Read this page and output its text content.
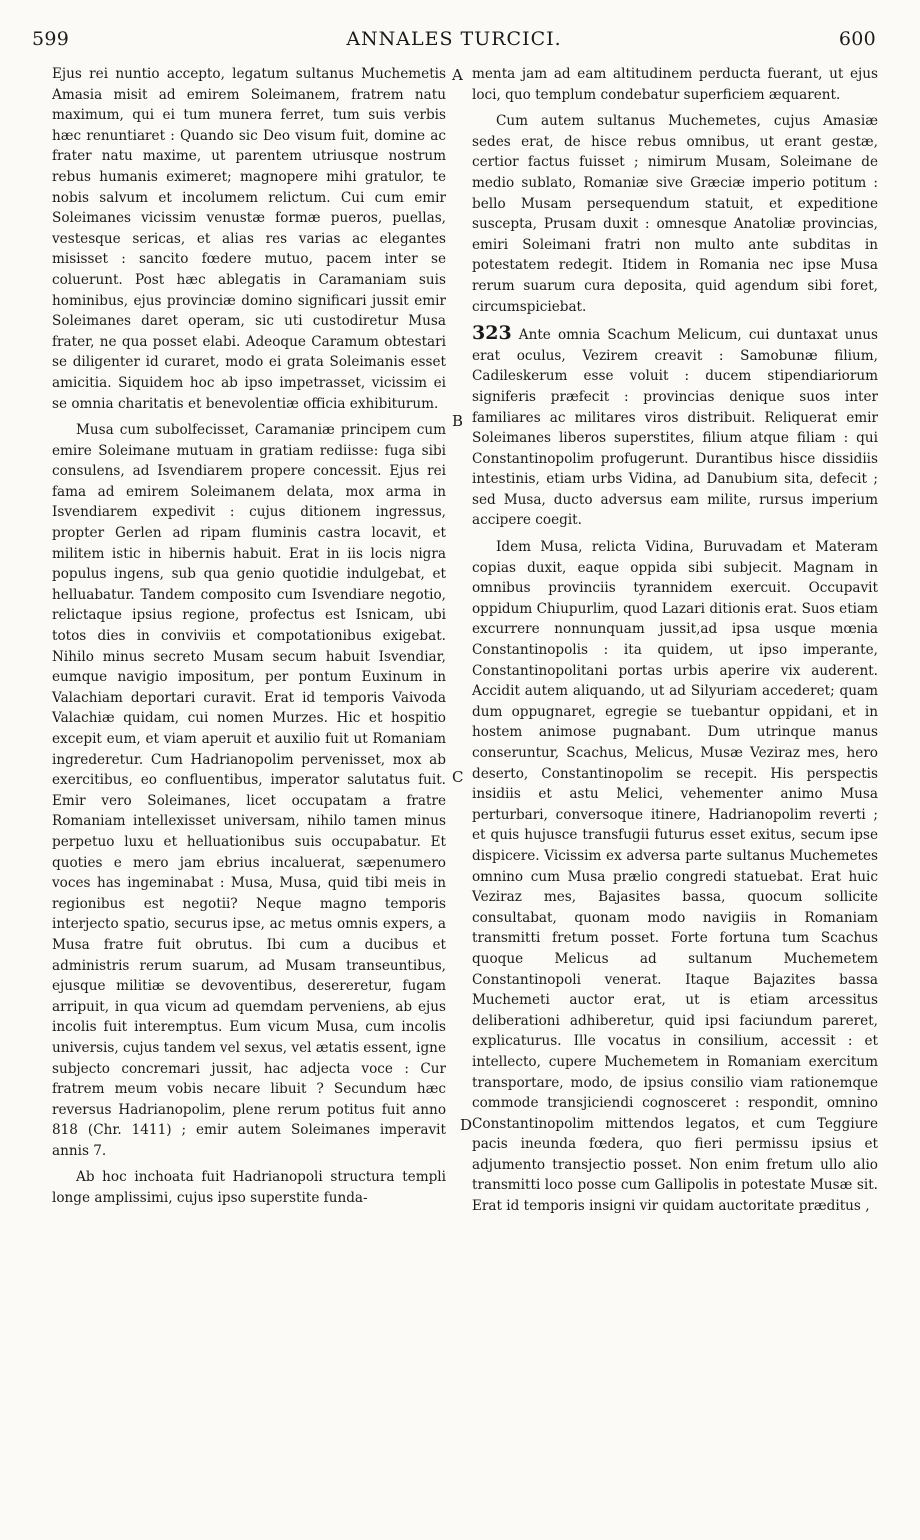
599	ANNALES TURCICI.	600

Ejus rei nuntio accepto, legatum sultanus Muchemetis Amasia misit ad emirem Soleimanem, fratrem natu maximum, qui ei tum munera ferret, tum suis verbis hæc renuntiaret : Quando sic Deo visum fuit, domine ac frater natu maxime, ut parentem utriusque nostrum rebus humanis eximeret; magnopere mihi gratulor, te nobis salvum et incolumem relictum. Cui cum emir Soleimanes vicissim venustæ formæ pueros, puellas, vestesque sericas, et alias res varias ac elegantes misisset : sancito fœdere mutuo, pacem inter se coluerunt. Post hæc ablegatis in Caramaniam suis hominibus, ejus provinciæ domino significari jussit emir Soleimanes daret operam, sic uti custodiretur Musa frater, ne qua posset elabi. Adeoque Caramum obtestari se diligenter id curaret, modo ei grata Soleimanis esset amicitia. Siquidem hoc ab ipso impetrasset, vicissim ei se omnia charitatis et benevolentiæ officia exhibiturum.

Musa cum subolfecisset, Caramaniæ principem cum emire Soleimane mutuam in gratiam rediisse: fuga sibi consulens, ad Isvendiarem propere concessit. Ejus rei fama ad emirem Soleimanem delata, mox arma in Isvendiarem expedivit : cujus ditionem ingressus, propter Gerlen ad ripam fluminis castra locavit, et militem istic in hibernis habuit. Erat in iis locis nigra populus ingens, sub qua genio quotidie indulgebat, et helluabatur. Tandem composito cum Isvendiare negotio, relictaque ipsius regione, profectus est Isnicam, ubi totos dies in conviviis et compotationibus exigebat. Nihilo minus secreto Musam secum habuit Isvendiar, eumque navigio impositum, per pontum Euxinum in Valachiam deportari curavit. Erat id temporis Vaivoda Valachiæ quidam, cui nomen Murzes. Hic et hospitio excepit eum, et viam aperuit et auxilio fuit ut Romaniam ingrederetur. Cum Hadrianopolim pervenisset, mox ab exercitibus, eo confluentibus, imperator salutatus fuit. Emir vero Soleimanes, licet occupatam a fratre Romaniam intellexisset universam, nihilo tamen minus perpetuo luxu et helluationibus suis occupabatur. Et quoties e mero jam ebrius incaluerat, sæpenumero voces has ingeminabat : Musa, Musa, quid tibi meis in regionibus est negotii? Neque magno temporis interjecto spatio, securus ipse, ac metus omnis expers, a Musa fratre fuit obrutus. Ibi cum a ducibus et administris rerum suarum, ad Musam transeuntibus, ejusque militiæ se devoventibus, desereretur, fugam arripuit, in qua vicum ad quemdam perveniens, ab ejus incolis fuit interemptus. Eum vicum Musa, cum incolis universis, cujus tandem vel sexus, vel ætatis essent, igne subjecto concremari jussit, hac adjecta voce : Cur fratrem meum vobis necare libuit ? Secundum hæc reversus Hadrianopolim, plene rerum potitus fuit anno 818 (Chr. 1411) ; emir autem Soleimanes imperavit annis 7.

Ab hoc inchoata fuit Hadrianopoli structura templi longe amplissimi, cujus ipso superstite funda-

A
B
C
D

menta jam ad eam altitudinem perducta fuerant, ut ejus loci, quo templum condebatur superficiem æquarent.

Cum autem sultanus Muchemetes, cujus Amasiæ sedes erat, de hisce rebus omnibus, ut erant gestæ, certior factus fuisset ; nimirum Musam, Soleimane de medio sublato, Romaniæ sive Græciæ imperio potitum : bello Musam persequendum statuit, et expeditione suscepta, Prusam duxit : omnesque Anatoliæ provincias, emiri Soleimani fratri non multo ante subditas in potestatem redegit. Itidem in Romania nec ipse Musa rerum suarum cura deposita, quid agendum sibi foret, circumspiciebat.

323 Ante omnia Scachum Melicum, cui duntaxat unus erat oculus, Vezirem creavit : Samobunæ filium, Cadileskerum esse voluit : ducem stipendiariorum signiferis præfecit : provincias denique suos inter familiares ac militares viros distribuit. Reliquerat emir Soleimanes liberos superstites, filium atque filiam : qui Constantinopolim profugerunt. Durantibus hisce dissidiis intestinis, etiam urbs Vidina, ad Danubium sita, defecit ; sed Musa, ducto adversus eam milite, rursus imperium accipere coegit.

Idem Musa, relicta Vidina, Buruvadam et Materam copias duxit, eaque oppida sibi subjecit. Magnam in omnibus provinciis tyrannidem exercuit. Occupavit oppidum Chiupurlim, quod Lazari ditionis erat. Suos etiam excurrere nonnunquam jussit,ad ipsa usque mœnia Constantinopolis : ita quidem, ut ipso imperante, Constantinopolitani portas urbis aperire vix auderent. Accidit autem aliquando, ut ad Silyuriam accederet; quam dum oppugnaret, egregie se tuebantur oppidani, et in hostem animose pugnabant. Dum utrinque manus conseruntur, Scachus, Melicus, Musæ Veziraz mes, hero deserto, Constantinopolim se recepit. His perspectis insidiis et astu Melici, vehementer animo Musa perturbari, conversoque itinere, Hadrianopolim reverti ; et quis hujusce transfugii futurus esset exitus, secum ipse dispicere. Vicissim ex adversa parte sultanus Muchemetes omnino cum Musa prælio congredi statuebat. Erat huic Veziraz mes, Bajasites bassa, quocum sollicite consultabat, quonam modo navigiis in Romaniam transmitti fretum posset. Forte fortuna tum Scachus quoque Melicus ad sultanum Muchemetem Constantinopoli venerat. Itaque Bajazites bassa Muchemeti auctor erat, ut is etiam arcessitus deliberationi adhiberetur, quid ipsi faciundum pareret, explicaturus. Ille vocatus in consilium, accessit : et intellecto, cupere Muchemetem in Romaniam exercitum transportare, modo, de ipsius consilio viam rationemque commode transjiciendi cognosceret : respondit, omnino Constantinopolim mittendos legatos, et cum Teggiure pacis ineunda fœdera, quo fieri permissu ipsius et adjumento transjectio posset. Non enim fretum ullo alio transmitti loco posse cum Gallipolis in potestate Musæ sit. Erat id temporis insigni vir quidam auctoritate præditus ,
